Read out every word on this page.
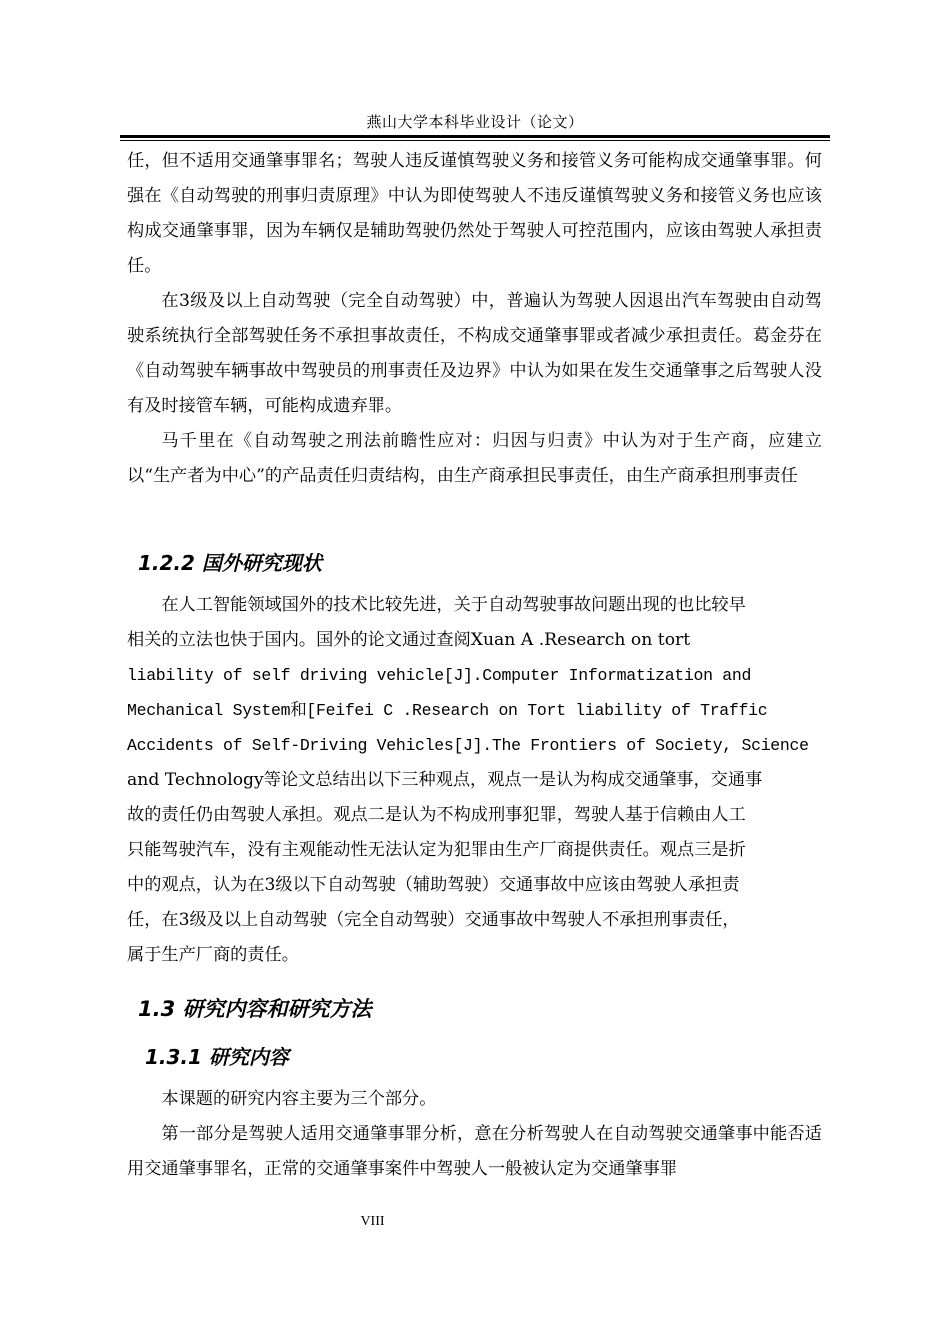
燕山大学本科毕业设计（论文）

任，但不适用交通肇事罪名；驾驶人违反谨慎驾驶义务和接管义务可能构成交通肇事罪。何强在《自动驾驶的刑事归责原理》中认为即使驾驶人不违反谨慎驾驶义务和接管义务也应该构成交通肇事罪，因为车辆仅是辅助驾驶仍然处于驾驶人可控范围内，应该由驾驶人承担责任。

在3级及以上自动驾驶（完全自动驾驶）中，普遍认为驾驶人因退出汽车驾驶由自动驾驶系统执行全部驾驶任务不承担事故责任，不构成交通肇事罪或者减少承担责任。葛金芬在《自动驾驶车辆事故中驾驶员的刑事责任及边界》中认为如果在发生交通肇事之后驾驶人没有及时接管车辆，可能构成遗弃罪。

马千里在《自动驾驶之刑法前瞻性应对：归因与归责》中认为对于生产商，应建立以“生产者为中心”的产品责任归责结构，由生产商承担民事责任，由生产商承担刑事责任

1.2.2 国外研究现状

　　在人工智能领域国外的技术比较先进，关于自动驾驶事故问题出现的也比较早

相关的立法也快于国内。国外的论文通过查阅Xuan A .Research on tort

liability of self driving vehicle[J].Computer Informatization and

Mechanical System和[Feifei C .Research on Tort liability of Traffic

Accidents of Self-Driving Vehicles[J].The Frontiers of Society, Science

and Technology等论文总结出以下三种观点，观点一是认为构成交通肇事，交通事

故的责任仍由驾驶人承担。观点二是认为不构成刑事犯罪，驾驶人基于信赖由人工

只能驾驶汽车，没有主观能动性无法认定为犯罪由生产厂商提供责任。观点三是折

中的观点，认为在3级以下自动驾驶（辅助驾驶）交通事故中应该由驾驶人承担责

任，在3级及以上自动驾驶（完全自动驾驶）交通事故中驾驶人不承担刑事责任，

属于生产厂商的责任。

1.3 研究内容和研究方法
1.3.1 研究内容

本课题的研究内容主要为三个部分。

第一部分是驾驶人适用交通肇事罪分析，意在分析驾驶人在自动驾驶交通肇事中能否适用交通肇事罪名，正常的交通肇事案件中驾驶人一般被认定为交通肇事罪

VIII
